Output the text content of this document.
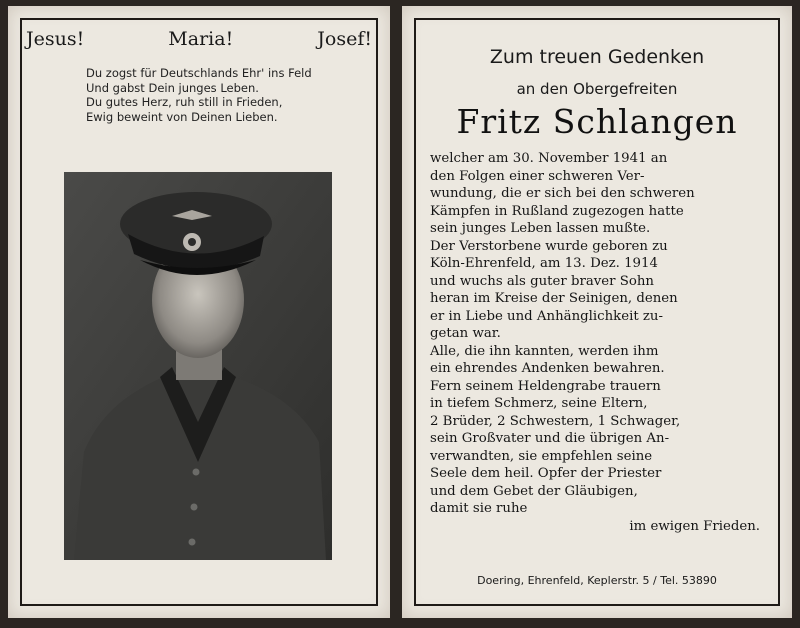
Jesus!	Maria!	Josef!
Du zogst für Deutschlands Ehr' ins Feld
Und gabst Dein junges Leben.
Du gutes Herz, ruh still in Frieden,
Ewig beweint von Deinen Lieben.
Zum treuen Gedenken
an den Obergefreiten
Fritz Schlangen
welcher am 30. November 1941 an
den Folgen einer schweren Ver-
wundung, die er sich bei den schweren
Kämpfen in Rußland zugezogen hatte
sein junges Leben lassen mußte.
Der Verstorbene wurde geboren zu
Köln-Ehrenfeld, am 13. Dez. 1914
und wuchs als guter braver Sohn
heran im Kreise der Seinigen, denen
er in Liebe und Anhänglichkeit zu-
getan war.
Alle, die ihn kannten, werden ihm
ein ehrendes Andenken bewahren.
Fern seinem Heldengrabe trauern
in tiefem Schmerz, seine Eltern,
2 Brüder, 2 Schwestern, 1 Schwager,
sein Großvater und die übrigen An-
verwandten, sie empfehlen seine
Seele dem heil. Opfer der Priester
und dem Gebet der Gläubigen,
damit sie ruhe
im ewigen Frieden.
Doering, Ehrenfeld, Keplerstr. 5 / Tel. 53890
